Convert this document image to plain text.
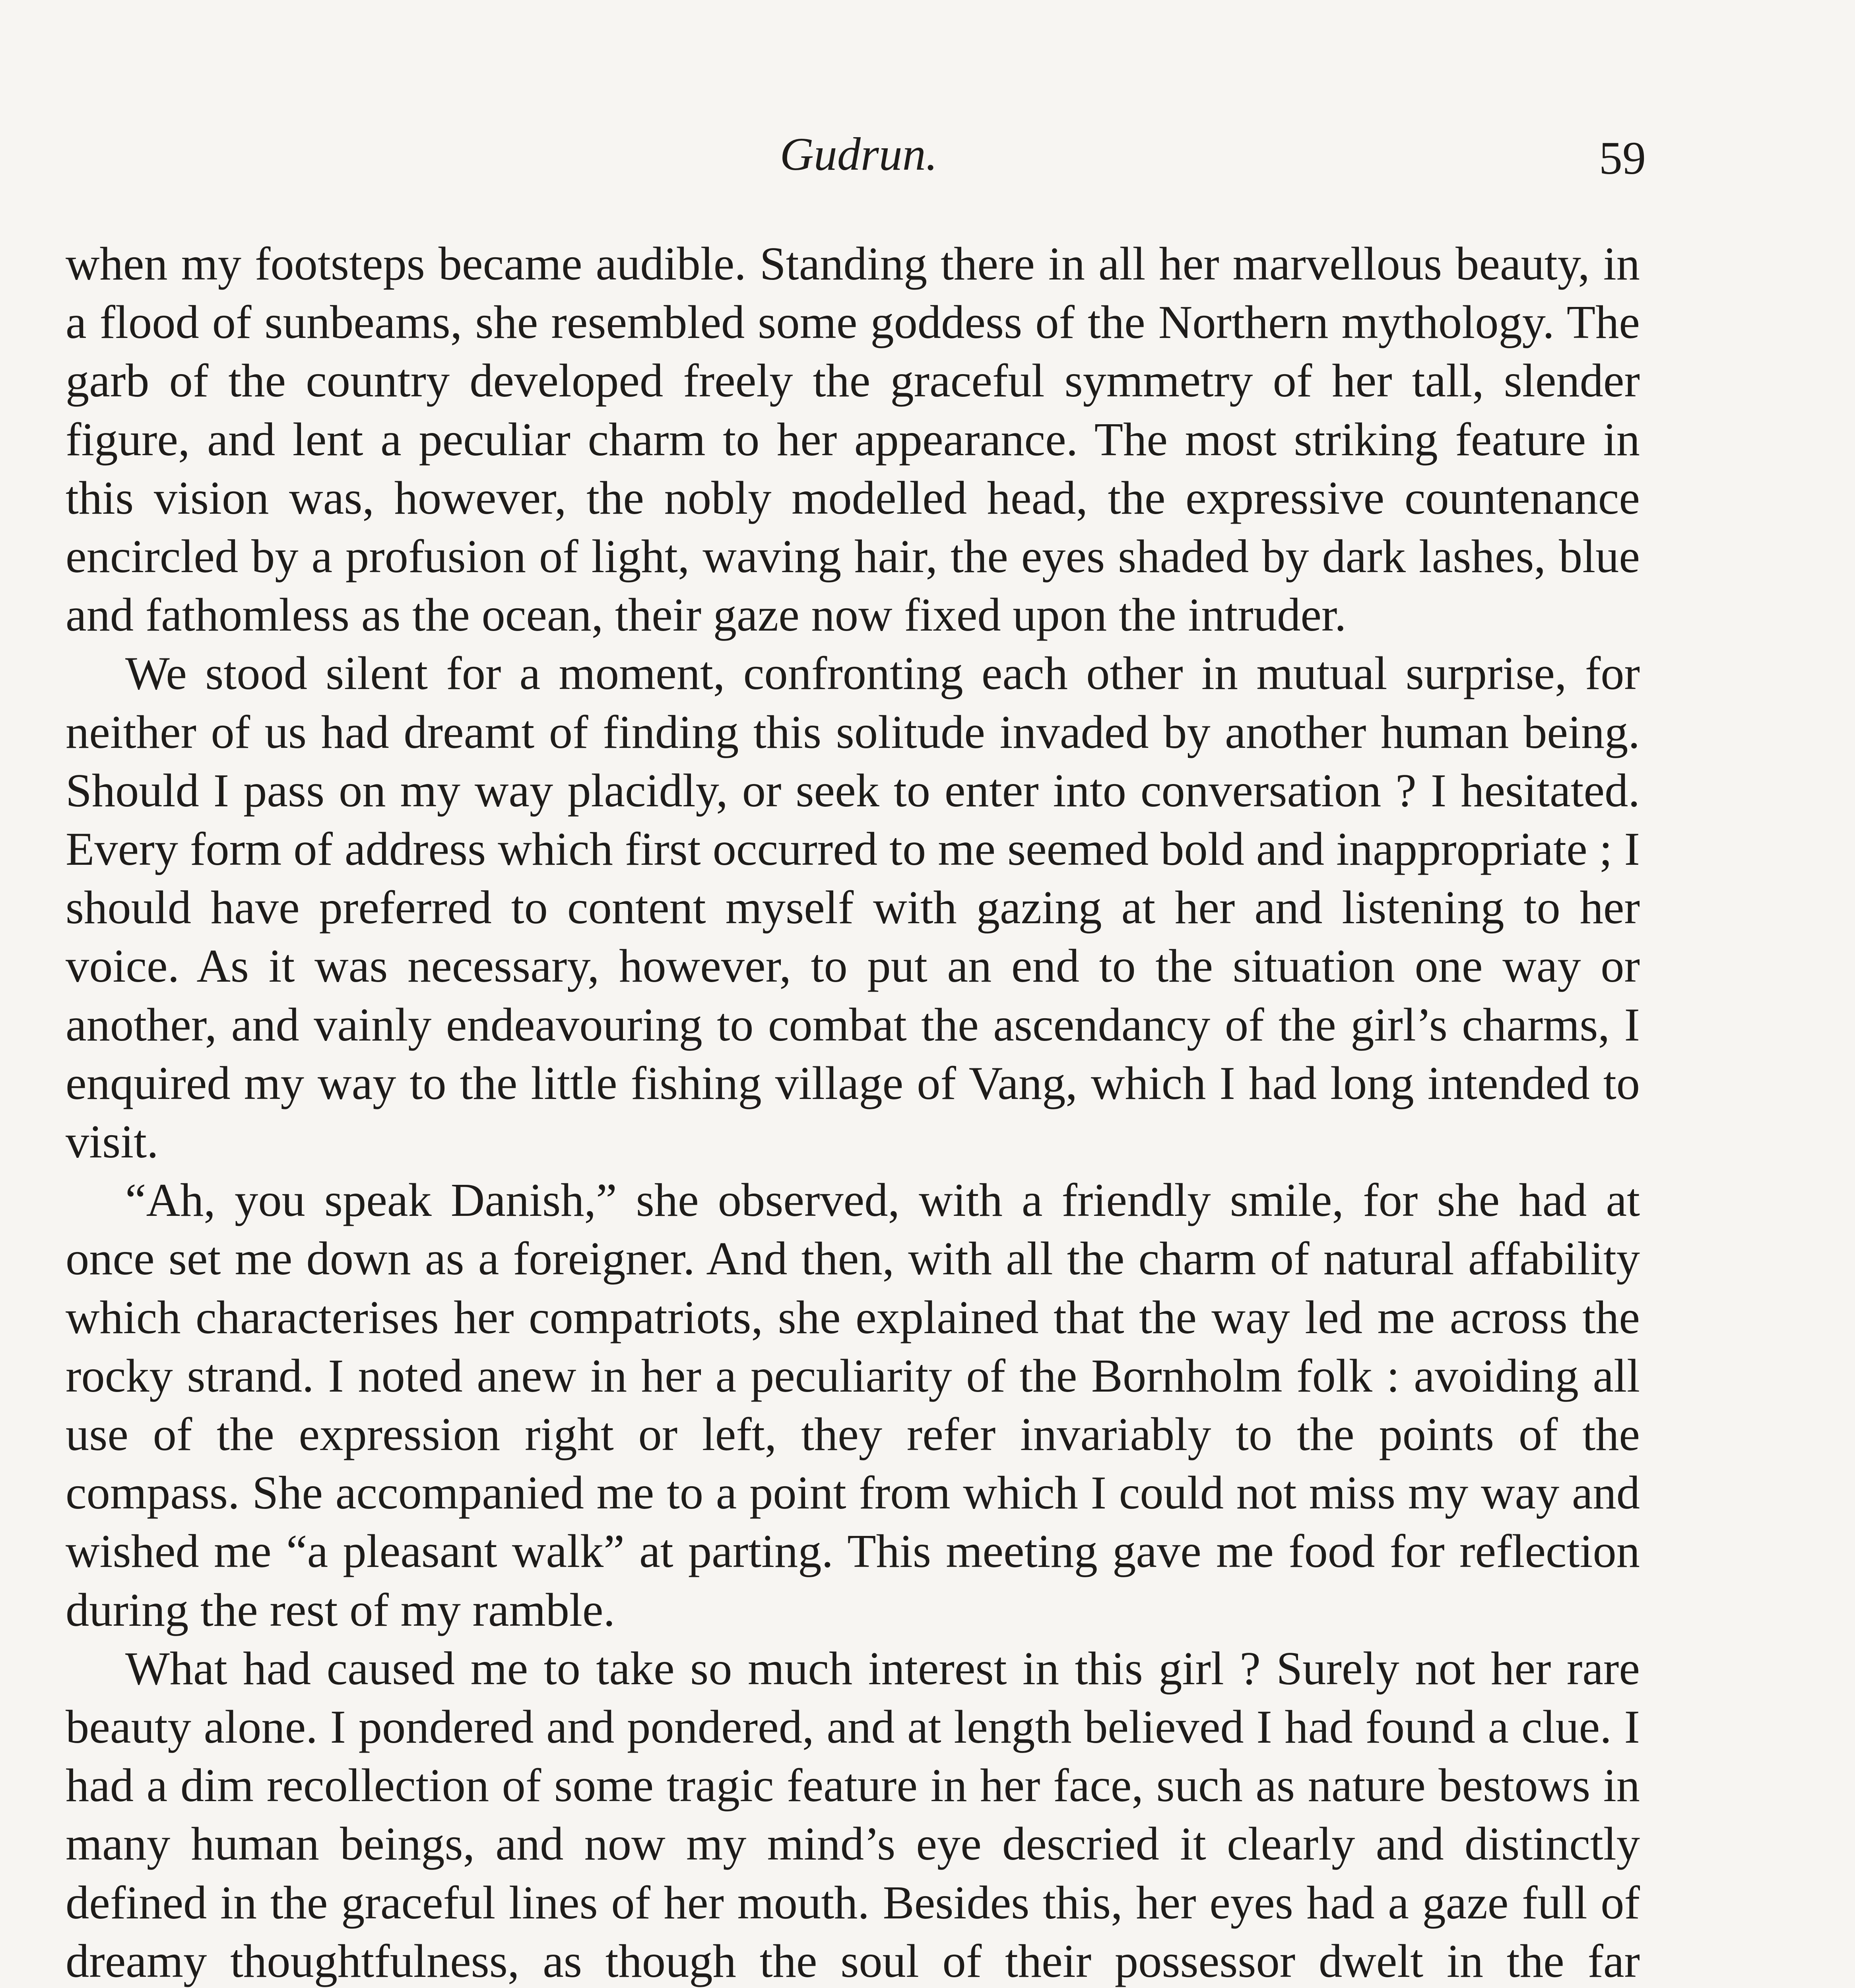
Gudrun.	59

when my footsteps became audible. Standing there in all her marvellous beauty, in a flood of sunbeams, she resembled some goddess of the Northern mythology. The garb of the country developed freely the graceful symmetry of her tall, slender figure, and lent a peculiar charm to her appearance. The most striking feature in this vision was, however, the nobly modelled head, the expressive countenance encircled by a profusion of light, waving hair, the eyes shaded by dark lashes, blue and fathomless as the ocean, their gaze now fixed upon the intruder.

We stood silent for a moment, confronting each other in mutual surprise, for neither of us had dreamt of finding this solitude invaded by another human being. Should I pass on my way placidly, or seek to enter into conversation ? I hesitated. Every form of address which first occurred to me seemed bold and inappropriate ; I should have preferred to content myself with gazing at her and listening to her voice. As it was necessary, however, to put an end to the situation one way or another, and vainly endeavouring to combat the ascendancy of the girl’s charms, I enquired my way to the little fishing village of Vang, which I had long intended to visit.

“Ah, you speak Danish,” she observed, with a friendly smile, for she had at once set me down as a foreigner. And then, with all the charm of natural affability which characterises her compatriots, she explained that the way led me across the rocky strand. I noted anew in her a peculiarity of the Bornholm folk : avoiding all use of the expression right or left, they refer invariably to the points of the compass. She accompanied me to a point from which I could not miss my way and wished me “a pleasant walk” at parting. This meeting gave me food for reflection during the rest of my ramble.

What had caused me to take so much interest in this girl ? Surely not her rare beauty alone. I pondered and pondered, and at length believed I had found a clue. I had a dim recollection of some tragic feature in her face, such as nature bestows in many human beings, and now my mind’s eye descried it clearly and distinctly defined in the graceful lines of her mouth. Besides this, her eyes had a gaze full of dreamy thoughtfulness, as though the soul of their possessor dwelt in the far
